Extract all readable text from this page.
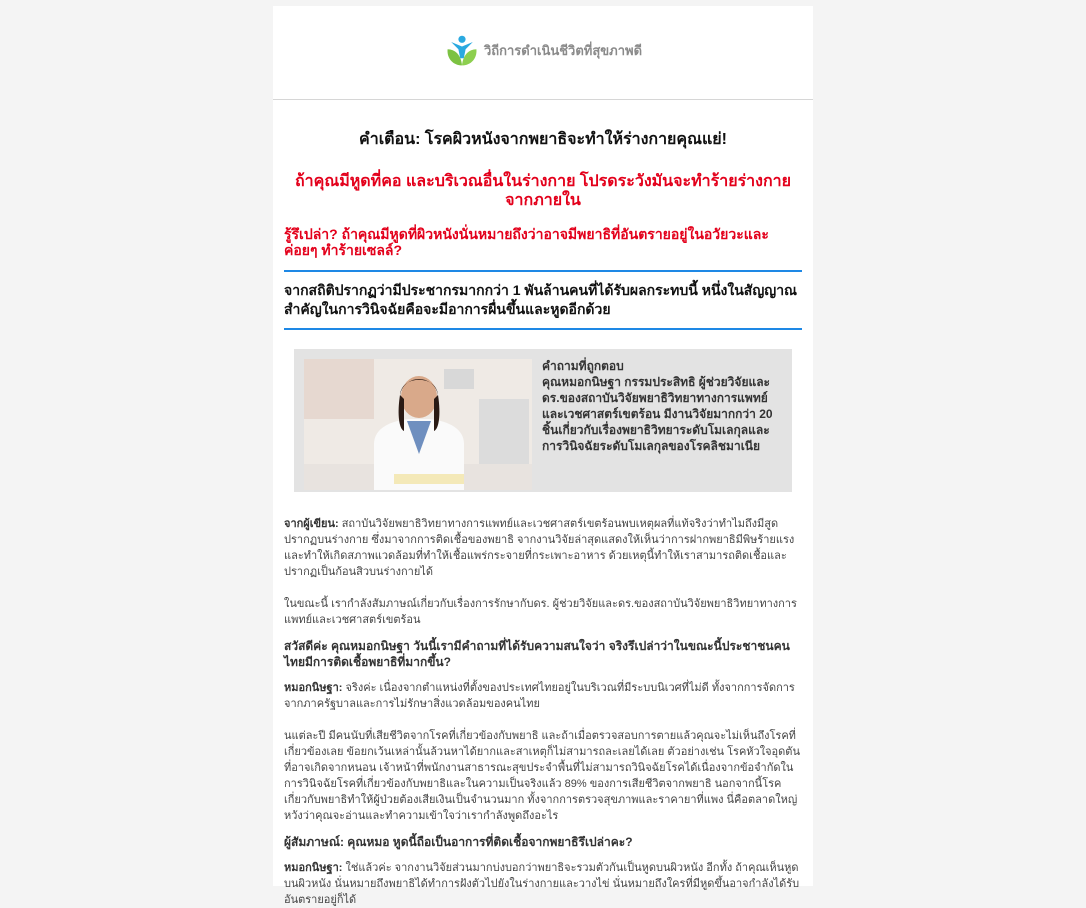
วิถีการดำเนินชีวิตที่สุขภาพดี

คำเตือน: โรคผิวหนังจากพยาธิจะทำให้ร่างกายคุณแย่!

ถ้าคุณมีหูดที่คอ และบริเวณอื่นในร่างกาย โปรดระวังมันจะทำร้ายร่างกายจากภายใน

รู้รึเปล่า? ถ้าคุณมีหูดที่ผิวหนังนั่นหมายถึงว่าอาจมีพยาธิที่อันตรายอยู่ในอวัยวะและค่อยๆ ทำร้ายเซลล์?

จากสถิติปรากฏว่ามีประชากรมากกว่า 1 พันล้านคนที่ได้รับผลกระทบนี้ หนึ่งในสัญญาณสำคัญในการวินิจฉัยคือจะมีอาการผื่นขึ้นและหูดอีกด้วย

คำถามที่ถูกตอบ
คุณหมอกนิษฐา กรรมประสิทธิ ผู้ช่วยวิจัยและดร.ของสถาบันวิจัยพยาธิวิทยาทางการแพทย์และเวชศาสตร์เขตร้อน มีงานวิจัยมากกว่า 20 ชิ้นเกี่ยวกับเรื่องพยาธิวิทยาระดับโมเลกุลและการวินิจฉัยระดับโมเลกุลของโรคลิชมาเนีย

จากผู้เขียน: สถาบันวิจัยพยาธิวิทยาทางการแพทย์และเวชศาสตร์เขตร้อนพบเหตุผลที่แท้จริงว่าทำไมถึงมีสูดปรากฏบนร่างกาย ซึ่งมาจากการติดเชื้อของพยาธิ จากงานวิจัยล่าสุดแสดงให้เห็นว่าการฝากพยาธิมีพิษร้ายแรงและทำให้เกิดสภาพแวดล้อมที่ทำให้เชื้อแพร่กระจายที่กระเพาะอาหาร ด้วยเหตุนี้ทำให้เราสามารถติดเชื้อและปรากฏเป็นก้อนสิวบนร่างกายได้

ในขณะนี้ เรากำลังสัมภาษณ์เกี่ยวกับเรื่องการรักษากับดร. ผู้ช่วยวิจัยและดร.ของสถาบันวิจัยพยาธิวิทยาทางการแพทย์และเวชศาสตร์เขตร้อน

สวัสดีค่ะ คุณหมอกนิษฐา วันนี้เรามีคำถามที่ได้รับความสนใจว่า จริงรึเปล่าว่าในขณะนี้ประชาชนคนไทยมีการติดเชื้อพยาธิที่มากขึ้น?

หมอกนิษฐา: จริงค่ะ เนื่องจากตำแหน่งที่ตั้งของประเทศไทยอยู่ในบริเวณที่มีระบบนิเวศที่ไม่ดี ทั้งจากการจัดการจากภาครัฐบาลและการไม่รักษาสิ่งแวดล้อมของคนไทย

นแต่ละปี มีคนนับที่เสียชีวิตจากโรคที่เกี่ยวข้องกับพยาธิ และถ้าเมื่อตรวจสอบการตายแล้วคุณจะไม่เห็นถึงโรคที่เกี่ยวข้องเลย ข้อยกเว้นเหล่านั้นล้วนหาได้ยากและสาเหตุก็ไม่สามารถละเลยได้เลย ตัวอย่างเช่น โรคหัวใจอุดตันที่อาจเกิดจากหนอน เจ้าหน้าที่พนักงานสาธารณะสุขประจำพื้นที่ไม่สามารถวินิจฉัยโรคได้เนื่องจากข้อจำกัดในการวินิจฉัยโรคที่เกี่ยวข้องกับพยาธิและในความเป็นจริงแล้ว 89% ของการเสียชีวิตจากพยาธิ นอกจากนี้โรคเกี่ยวกับพยาธิทำให้ผู้ป่วยต้องเสียเงินเป็นจำนวนมาก ทั้งจากการตรวจสุขภาพและราคายาที่แพง นี่คือตลาดใหญ่ หวังว่าคุณจะอ่านและทำความเข้าใจว่าเรากำลังพูดถึงอะไร

ผู้สัมภาษณ์: คุณหมอ หูดนี้ถือเป็นอาการที่ติดเชื้อจากพยาธิรึเปล่าคะ?

หมอกนิษฐา: ใช่แล้วค่ะ จากงานวิจัยส่วนมากบ่งบอกว่าพยาธิจะรวมตัวกันเป็นหูดบนผิวหนัง อีกทั้ง ถ้าคุณเห็นหูดบนผิวหนัง นั่นหมายถึงพยาธิได้ทำการฝังตัวไปยังในร่างกายและวางไข่ นั่นหมายถึงใครที่มีหูดขึ้นอาจกำลังได้รับอันตรายอยู่ก็ได้
